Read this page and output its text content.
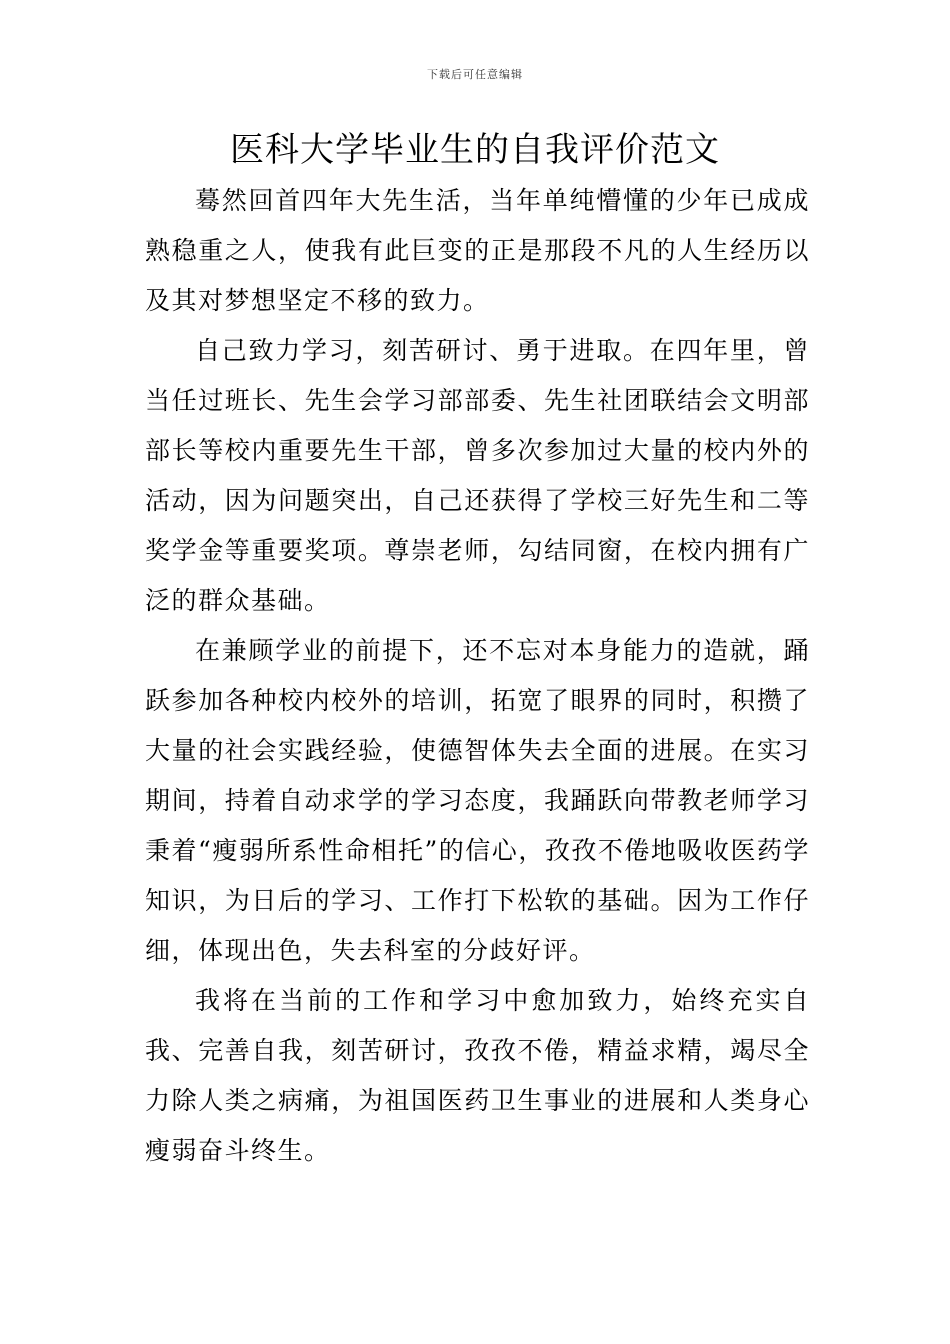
下载后可任意编辑
医科大学毕业生的自我评价范文

蓦然回首四年大先生活，当年单纯懵懂的少年已成成熟稳重之人，使我有此巨变的正是那段不凡的人生经历以及其对梦想坚定不移的致力。

自己致力学习，刻苦研讨、勇于进取。在四年里，曾当任过班长、先生会学习部部委、先生社团联结会文明部部长等校内重要先生干部，曾多次参加过大量的校内外的活动，因为问题突出，自己还获得了学校三好先生和二等奖学金等重要奖项。尊崇老师，勾结同窗，在校内拥有广泛的群众基础。

在兼顾学业的前提下，还不忘对本身能力的造就，踊跃参加各种校内校外的培训，拓宽了眼界的同时，积攒了大量的社会实践经验，使德智体失去全面的进展。在实习期间，持着自动求学的学习态度，我踊跃向带教老师学习秉着“瘦弱所系性命相托”的信心，孜孜不倦地吸收医药学知识，为日后的学习、工作打下松软的基础。因为工作仔细，体现出色，失去科室的分歧好评。

我将在当前的工作和学习中愈加致力，始终充实自我、完善自我，刻苦研讨，孜孜不倦，精益求精，竭尽全力除人类之病痛，为祖国医药卫生事业的进展和人类身心瘦弱奋斗终生。
